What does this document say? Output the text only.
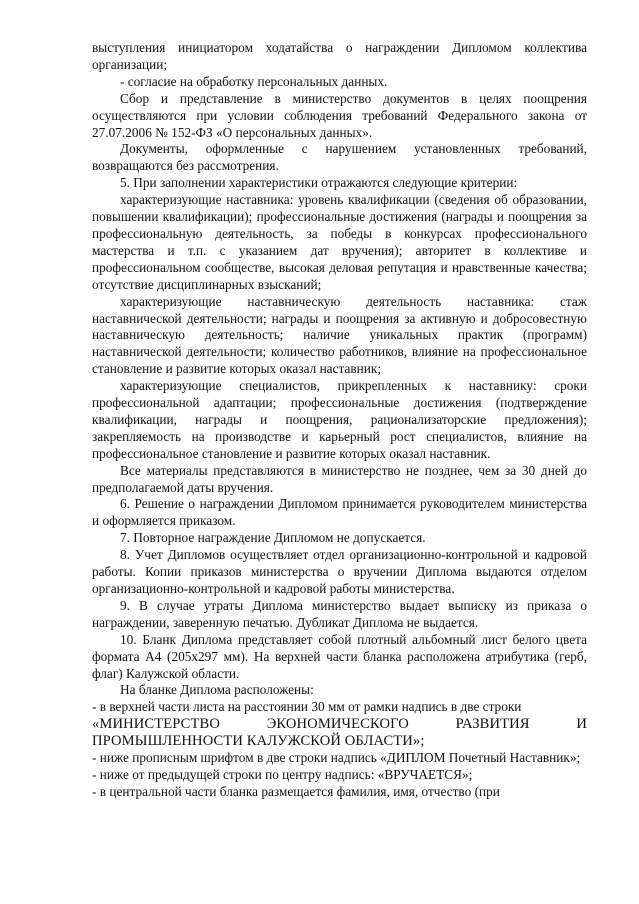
выступления инициатором ходатайства о награждении Дипломом коллектива организации;

- согласие на обработку персональных данных.

Сбор и представление в министерство документов в целях поощрения осуществляются при условии соблюдения требований Федерального закона от 27.07.2006 № 152-ФЗ «О персональных данных».

Документы, оформленные с нарушением установленных требований, возвращаются без рассмотрения.

5. При заполнении характеристики отражаются следующие критерии:

характеризующие наставника: уровень квалификации (сведения об образовании, повышении квалификации); профессиональные достижения (награды и поощрения за профессиональную деятельность, за победы в конкурсах профессионального мастерства и т.п. с указанием дат вручения); авторитет в коллективе и профессиональном сообществе, высокая деловая репутация и нравственные качества; отсутствие дисциплинарных взысканий;

характеризующие наставническую деятельность наставника: стаж наставнической деятельности; награды и поощрения за активную и добросовестную наставническую деятельность; наличие уникальных практик (программ) наставнической деятельности; количество работников, влияние на профессиональное становление и развитие которых оказал наставник;

характеризующие специалистов, прикрепленных к наставнику: сроки профессиональной адаптации; профессиональные достижения (подтверждение квалификации, награды и поощрения, рационализаторские предложения); закрепляемость на производстве и карьерный рост специалистов, влияние на профессиональное становление и развитие которых оказал наставник.

Все материалы представляются в министерство не позднее, чем за 30 дней до предполагаемой даты вручения.

6. Решение о награждении Дипломом принимается руководителем министерства и оформляется приказом.

7. Повторное награждение Дипломом не допускается.

8. Учет Дипломов осуществляет отдел организационно-контрольной и кадровой работы. Копии приказов министерства о вручении Диплома выдаются отделом организационно-контрольной и кадровой работы министерства.

9. В случае утраты Диплома министерство выдает выписку из приказа о награждении, заверенную печатью. Дубликат Диплома не выдается.

10. Бланк Диплома представляет собой плотный альбомный лист белого цвета формата А4 (205х297 мм). На верхней части бланка расположена атрибутика (герб, флаг) Калужской области.

На бланке Диплома расположены:

- в верхней части листа на расстоянии 30 мм от рамки надпись в две строки

«МИНИСТЕРСТВО ЭКОНОМИЧЕСКОГО РАЗВИТИЯ И ПРОМЫШЛЕННОСТИ КАЛУЖСКОЙ ОБЛАСТИ»;

- ниже прописным шрифтом в две строки надпись «ДИПЛОМ Почетный Наставник»;

- ниже от предыдущей строки по центру надпись: «ВРУЧАЕТСЯ»;

- в центральной части бланка размещается фамилия, имя, отчество (при
